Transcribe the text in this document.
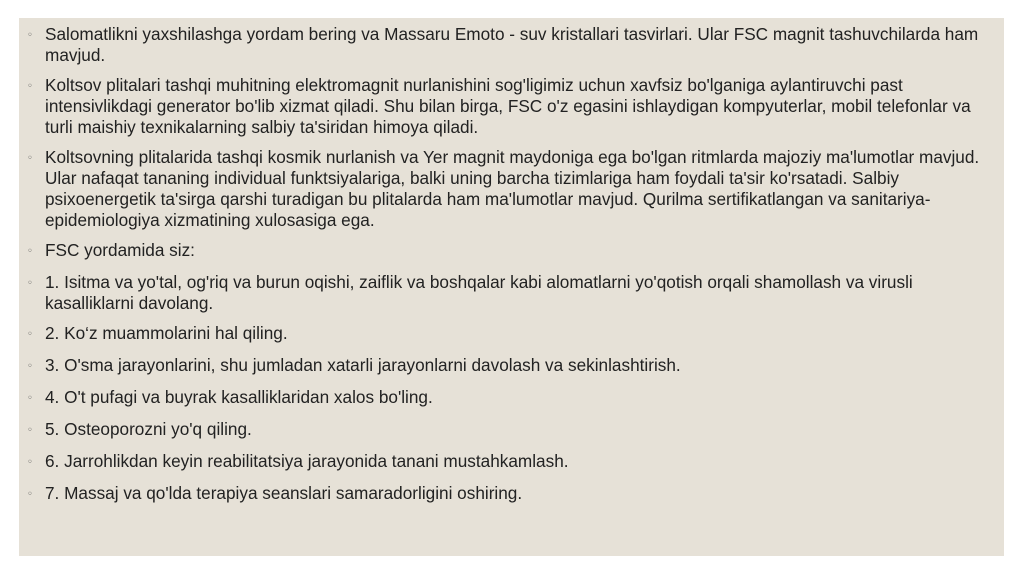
◦ Salomatlikni yaxshilashga yordam bering va Massaru Emoto - suv kristallari tasvirlari. Ular FSC magnit tashuvchilarda ham mavjud.
◦ Koltsov plitalari tashqi muhitning elektromagnit nurlanishini sog'ligimiz uchun xavfsiz bo'lganiga aylantiruvchi past intensivlikdagi generator bo'lib xizmat qiladi. Shu bilan birga, FSC o'z egasini ishlaydigan kompyuterlar, mobil telefonlar va turli maishiy texnikalarning salbiy ta'siridan himoya qiladi.
◦ Koltsovning plitalarida tashqi kosmik nurlanish va Yer magnit maydoniga ega bo'lgan ritmlarda majoziy ma'lumotlar mavjud. Ular nafaqat tananing individual funktsiyalariga, balki uning barcha tizimlariga ham foydali ta'sir ko'rsatadi. Salbiy psixoenergetik ta'sirga qarshi turadigan bu plitalarda ham ma'lumotlar mavjud. Qurilma sertifikatlangan va sanitariya-epidemiologiya xizmatining xulosasiga ega.
◦ FSC yordamida siz:
◦ 1. Isitma va yo'tal, og'riq va burun oqishi, zaiflik va boshqalar kabi alomatlarni yo'qotish orqali shamollash va virusli kasalliklarni davolang.
◦ 2. Ko‘z muammolarini hal qiling.
◦ 3. O'sma jarayonlarini, shu jumladan xatarli jarayonlarni davolash va sekinlashtirish.
◦ 4. O't pufagi va buyrak kasalliklaridan xalos bo'ling.
◦ 5. Osteoporozni yo'q qiling.
◦ 6. Jarrohlikdan keyin reabilitatsiya jarayonida tanani mustahkamlash.
◦ 7. Massaj va qo'lda terapiya seanslari samaradorligini oshiring.
